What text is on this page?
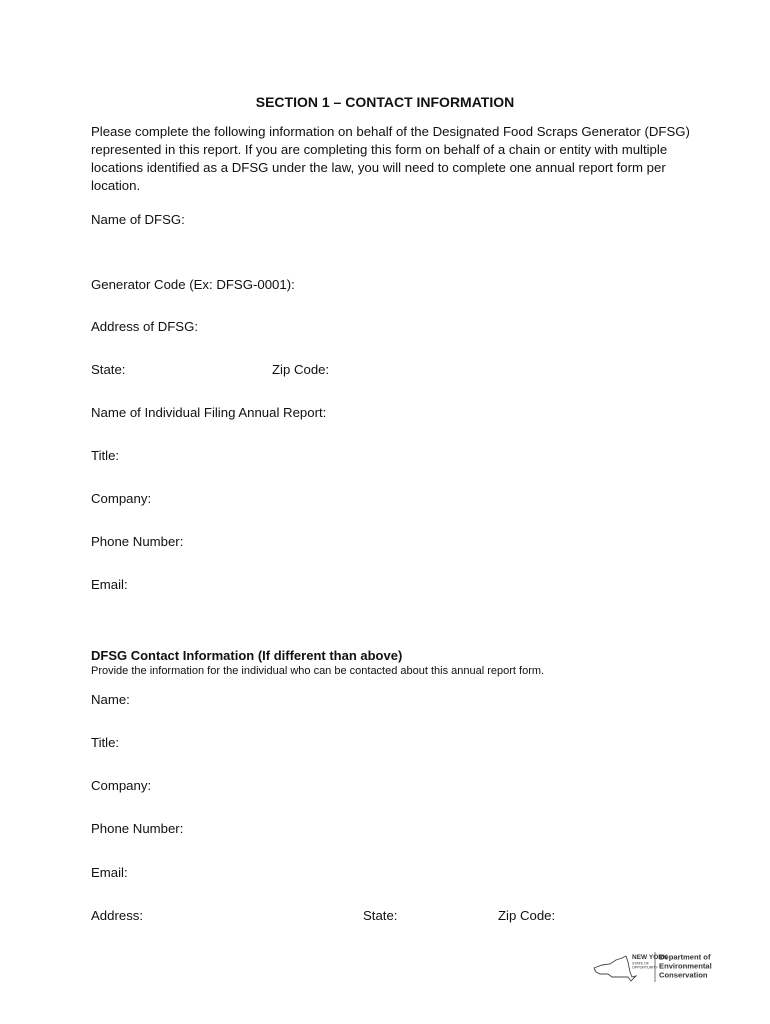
SECTION 1 – CONTACT INFORMATION
Please complete the following information on behalf of the Designated Food Scraps Generator (DFSG) represented in this report. If you are completing this form on behalf of a chain or entity with multiple locations identified as a DFSG under the law, you will need to complete one annual report form per location.
Name of DFSG:
Generator Code (Ex: DFSG-0001):
Address of DFSG:
State:	Zip Code:
Name of Individual Filing Annual Report:
Title:
Company:
Phone Number:
Email:
DFSG Contact Information (If different than above)
Provide the information for the individual who can be contacted about this annual report form.
Name:
Title:
Company:
Phone Number:
Email:
Address:	State:	Zip Code:
NEW YORK
STATE OF
OPPORTUNITY
Department of
Environmental
Conservation
